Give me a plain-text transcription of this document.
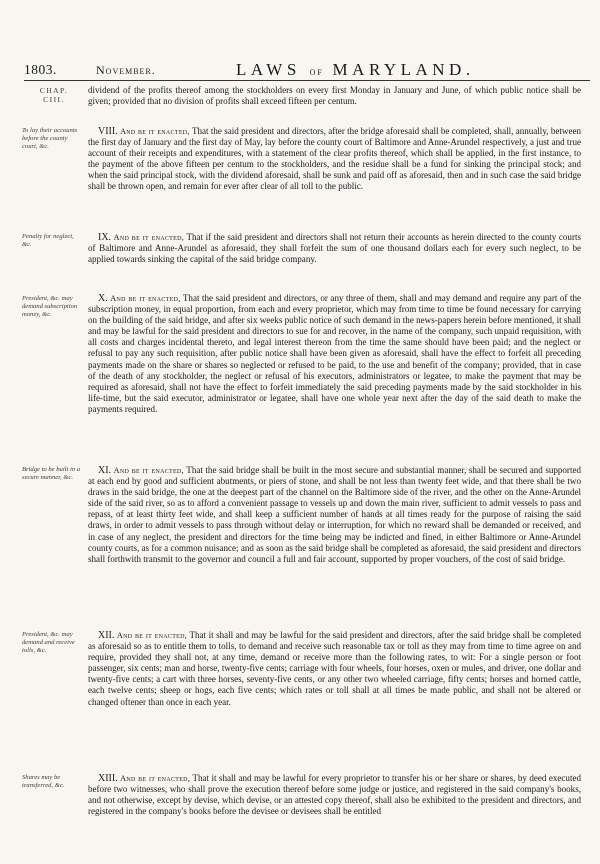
1803.	November.	LAWS of MARYLAND.
CHAP. CIII.
dividend of the profits thereof among the stockholders on every first Monday in January and June, of which public notice shall be given; provided that no division of profits shall exceed fifteen per centum.
To lay their accounts before the county court, &c.
VIII. And be it enacted, That the said president and directors, after the bridge aforesaid shall be completed, shall, annually, between the first day of January and the first day of May, lay before the county court of Baltimore and Anne-Arundel respectively, a just and true account of their receipts and expenditures, with a statement of the clear profits thereof, which shall be applied, in the first instance, to the payment of the above fifteen per centum to the stockholders, and the residue shall be a fund for sinking the principal stock; and when the said principal stock, with the dividend aforesaid, shall be sunk and paid off as aforesaid, then and in such case the said bridge shall be thrown open, and remain for ever after clear of all toll to the public.
Penalty for neglect, &c.
IX. And be it enacted, That if the said president and directors shall not return their accounts as herein directed to the county courts of Baltimore and Anne-Arundel as aforesaid, they shall forfeit the sum of one thousand dollars each for every such neglect, to be applied towards sinking the capital of the said bridge company.
President, &c. may demand subscription money, &c.
X. And be it enacted, That the said president and directors, or any three of them, shall and may demand and require any part of the subscription money, in equal proportion, from each and every proprietor, which may from time to time be found necessary for carrying on the building of the said bridge, and after six weeks public notice of such demand in the news-papers herein before mentioned, it shall and may be lawful for the said president and directors to sue for and recover, in the name of the company, such unpaid requisition, with all costs and charges incidental thereto, and legal interest thereon from the time the same should have been paid; and the neglect or refusal to pay any such requisition, after public notice shall have been given as aforesaid, shall have the effect to forfeit all preceding payments made on the share or shares so neglected or refused to be paid, to the use and benefit of the company; provided, that in case of the death of any stockholder, the neglect or refusal of his executors, administrators or legatee, to make the payment that may be required as aforesaid, shall not have the effect to forfeit immediately the said preceding payments made by the said stockholder in his life-time, but the said executor, administrator or legatee, shall have one whole year next after the day of the said death to make the payments required.
Bridge to be built in a secure manner, &c.
XI. And be it enacted, That the said bridge shall be built in the most secure and substantial manner, shall be secured and supported at each end by good and sufficient abutments, or piers of stone, and shall be not less than twenty feet wide, and that there shall be two draws in the said bridge, the one at the deepest part of the channel on the Baltimore side of the river, and the other on the Anne-Arundel side of the said river, so as to afford a convenient passage to vessels up and down the main river, sufficient to admit vessels to pass and repass, of at least thirty feet wide, and shall keep a sufficient number of hands at all times ready for the purpose of raising the said draws, in order to admit vessels to pass through without delay or interruption, for which no reward shall be demanded or received, and in case of any neglect, the president and directors for the time being may be indicted and fined, in either Baltimore or Anne-Arundel county courts, as for a common nuisance; and as soon as the said bridge shall be completed as aforesaid, the said president and directors shall forthwith transmit to the governor and council a full and fair account, supported by proper vouchers, of the cost of said bridge.
President, &c. may demand and receive tolls, &c.
XII. And be it enacted, That it shall and may be lawful for the said president and directors, after the said bridge shall be completed as aforesaid so as to entitle them to tolls, to demand and receive such reasonable tax or toll as they may from time to time agree on and require, provided they shall not, at any time, demand or receive more than the following rates, to wit: For a single person or foot passenger, six cents; man and horse, twenty-five cents; carriage with four wheels, four horses, oxen or mules, and driver, one dollar and twenty-five cents; a cart with three horses, seventy-five cents, or any other two wheeled carriage, fifty cents; horses and horned cattle, each twelve cents; sheep or hogs, each five cents; which rates or toll shall at all times be made public, and shall not be altered or changed oftener than once in each year.
Shares may be transferred, &c.
XIII. And be it enacted, That it shall and may be lawful for every proprietor to transfer his or her share or shares, by deed executed before two witnesses, who shall prove the execution thereof before some judge or justice, and registered in the said company's books, and not otherwise, except by devise, which devise, or an attested copy thereof, shall also be exhibited to the president and directors, and registered in the company's books before the devisee or devisees shall be entitled
